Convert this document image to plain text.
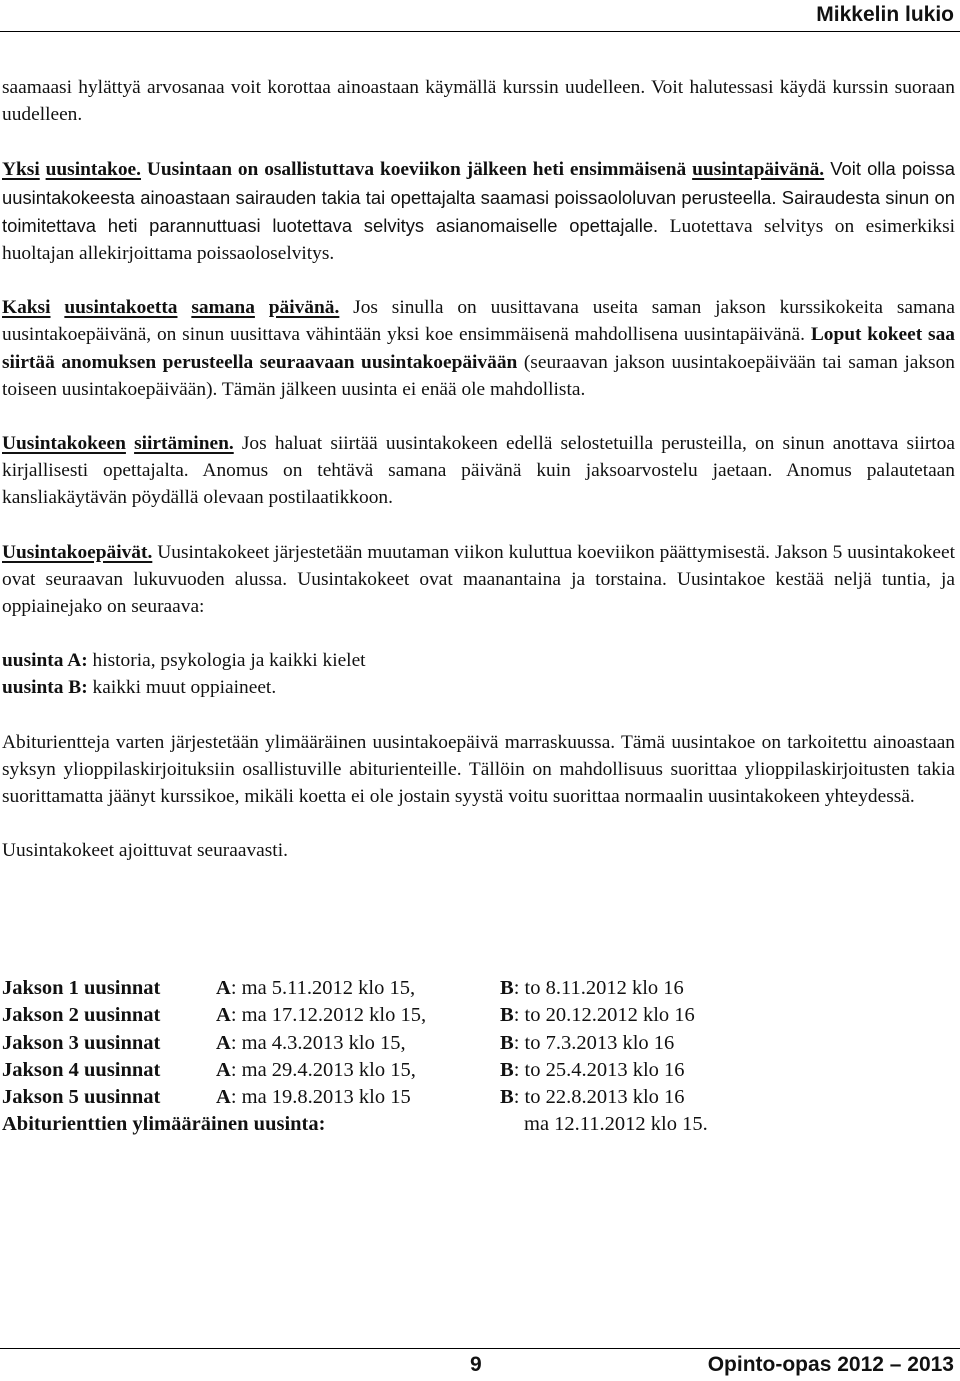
Mikkelin lukio

saamaasi hylättyä arvosanaa voit korottaa ainoastaan käymällä kurssin uudelleen. Voit halutessasi käydä kurssin suoraan uudelleen.

Yksi uusintakoe. Uusintaan on osallistuttava koeviikon jälkeen heti ensimmäisenä uusintapäivänä. Voit olla poissa uusintakokeesta ainoastaan sairauden takia tai opettajalta saamasi poissaololuvan perusteella. Sairaudesta sinun on toimitettava heti parannuttuasi luotettava selvitys asianomaiselle opettajalle. Luotettava selvitys on esimerkiksi huoltajan allekirjoittama poissaoloselvitys.

Kaksi uusintakoetta samana päivänä. Jos sinulla on uusittavana useita saman jakson kurssikokeita samana uusintakoepäivänä, on sinun uusittava vähintään yksi koe ensimmäisenä mahdollisena uusintapäivänä. Loput kokeet saa siirtää anomuksen perusteella seuraavaan uusintakoepäivään (seuraavan jakson uusintakoepäivään tai saman jakson toiseen uusintakoepäivään). Tämän jälkeen uusinta ei enää ole mahdollista.

Uusintakokeen siirtäminen. Jos haluat siirtää uusintakokeen edellä selostetuilla perusteilla, on sinun anottava siirtoa kirjallisesti opettajalta. Anomus on tehtävä samana päivänä kuin jaksoarvostelu jaetaan. Anomus palautetaan kansliakäytävän pöydällä olevaan postilaatikkoon.

Uusintakoepäivät. Uusintakokeet järjestetään muutaman viikon kuluttua koeviikon päättymisestä. Jakson 5 uusintakokeet ovat seuraavan lukuvuoden alussa. Uusintakokeet ovat maanantaina ja torstaina. Uusintakoe kestää neljä tuntia, ja oppiainejako on seuraava:

uusinta A: historia, psykologia ja kaikki kielet
uusinta B: kaikki muut oppiaineet.

Abiturientteja varten järjestetään ylimääräinen uusintakoepäivä marraskuussa. Tämä uusintakoe on tarkoitettu ainoastaan syksyn ylioppilaskirjoituksiin osallistuville abiturienteille. Tällöin on mahdollisuus suorittaa ylioppilaskirjoitusten takia suorittamatta jäänyt kurssikoe, mikäli koetta ei ole jostain syystä voitu suorittaa normaalin uusintakokeen yhteydessä.

Uusintakokeet ajoittuvat seuraavasti.

Jakson 1 uusinnat	A: ma 5.11.2012 klo 15,	B: to 8.11.2012 klo 16
Jakson 2 uusinnat	A: ma 17.12.2012 klo 15,	B: to 20.12.2012 klo 16
Jakson 3 uusinnat	A: ma 4.3.2013 klo 15,	B: to 7.3.2013 klo 16
Jakson 4 uusinnat	A: ma 29.4.2013 klo 15,	B: to 25.4.2013 klo 16
Jakson 5 uusinnat	A: ma 19.8.2013 klo 15	B: to 22.8.2013 klo 16
Abiturienttien ylimääräinen uusinta:	ma 12.11.2012 klo 15.
9	Opinto-opas 2012 – 2013
